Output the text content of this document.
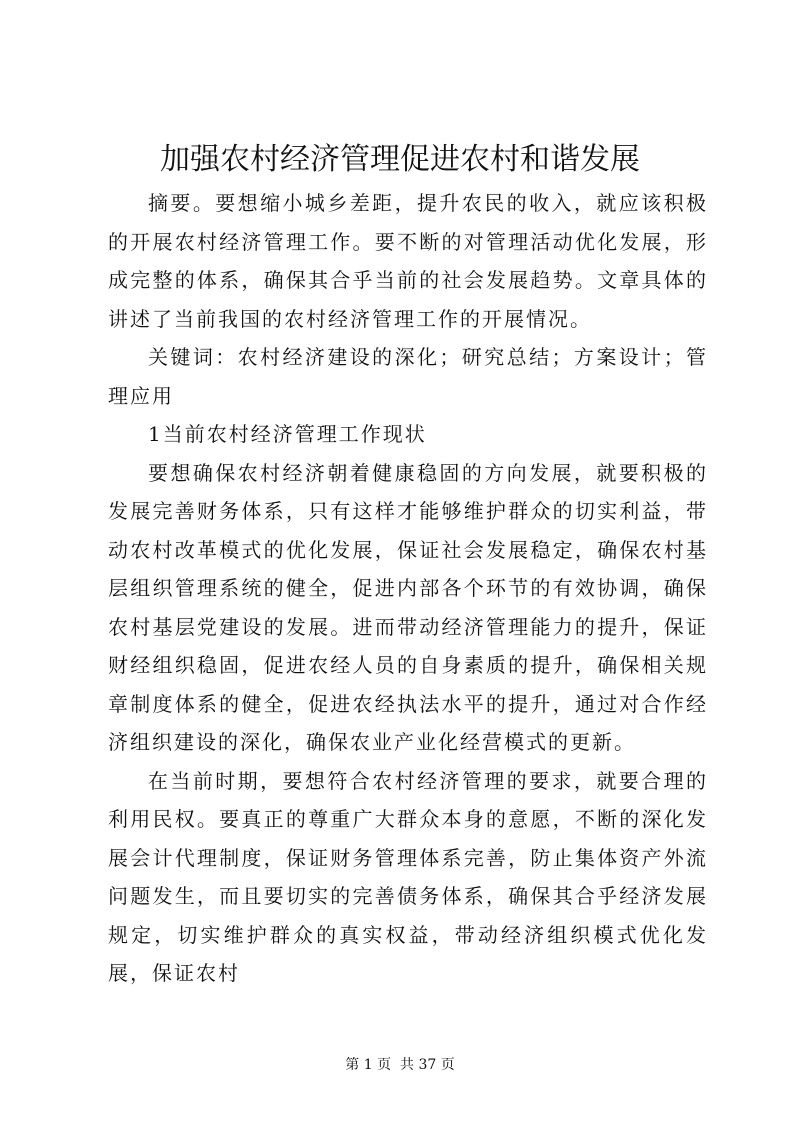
加强农村经济管理促进农村和谐发展

摘要。要想缩小城乡差距，提升农民的收入，就应该积极的开展农村经济管理工作。要不断的对管理活动优化发展，形成完整的体系，确保其合乎当前的社会发展趋势。文章具体的讲述了当前我国的农村经济管理工作的开展情况。

关键词：农村经济建设的深化；研究总结；方案设计；管理应用

1当前农村经济管理工作现状

要想确保农村经济朝着健康稳固的方向发展，就要积极的发展完善财务体系，只有这样才能够维护群众的切实利益，带动农村改革模式的优化发展，保证社会发展稳定，确保农村基层组织管理系统的健全，促进内部各个环节的有效协调，确保农村基层党建设的发展。进而带动经济管理能力的提升，保证财经组织稳固，促进农经人员的自身素质的提升，确保相关规章制度体系的健全，促进农经执法水平的提升，通过对合作经济组织建设的深化，确保农业产业化经营模式的更新。

在当前时期，要想符合农村经济管理的要求，就要合理的利用民权。要真正的尊重广大群众本身的意愿，不断的深化发展会计代理制度，保证财务管理体系完善，防止集体资产外流问题发生，而且要切实的完善债务体系，确保其合乎经济发展规定，切实维护群众的真实权益，带动经济组织模式优化发展，保证农村

第 1 页  共 37 页
